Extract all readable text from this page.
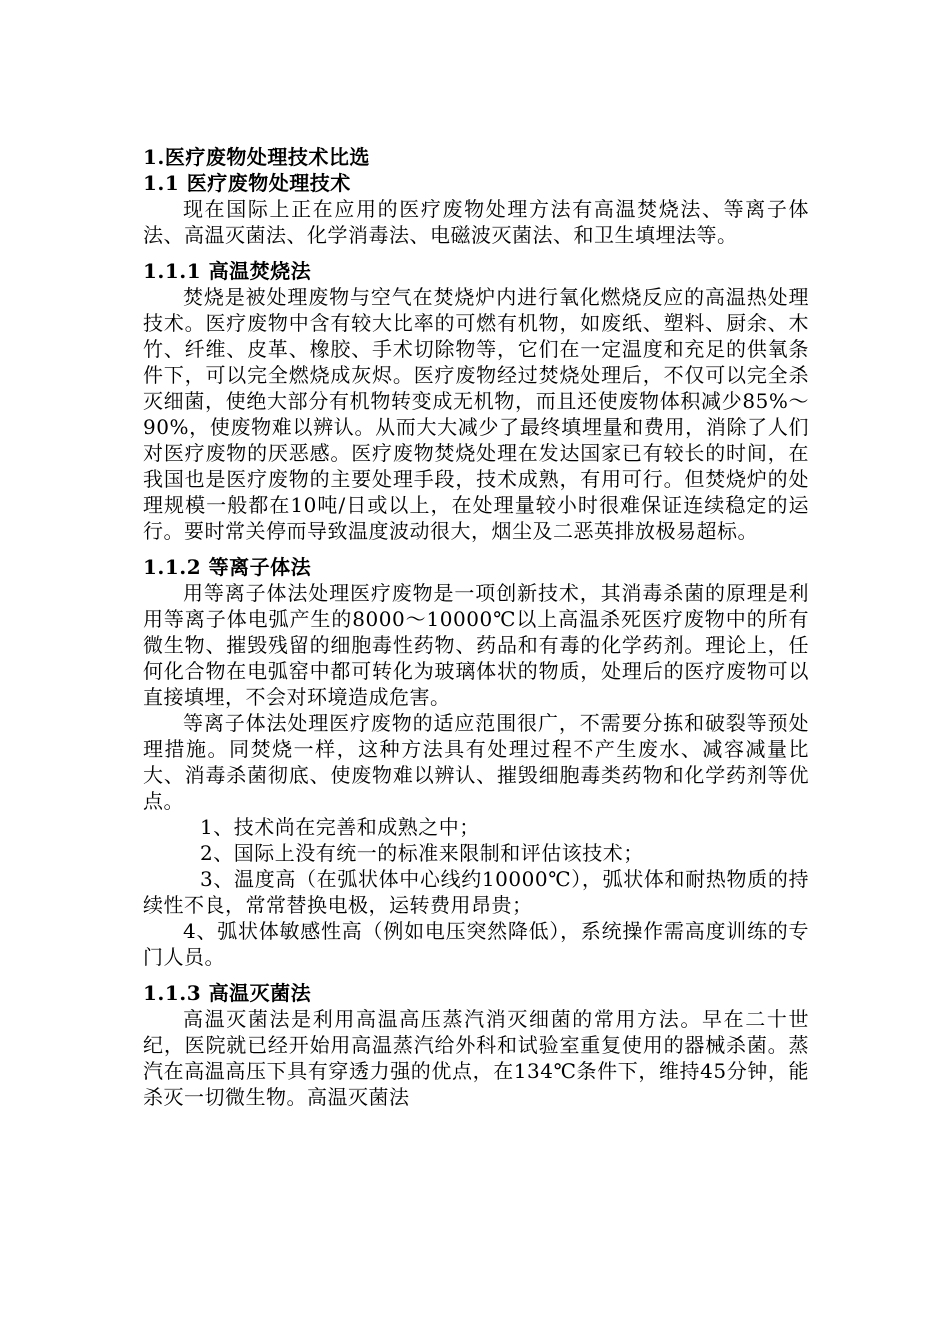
1.医疗废物处理技术比选
1.1 医疗废物处理技术

现在国际上正在应用的医疗废物处理方法有高温焚烧法、等离子体法、高温灭菌法、化学消毒法、电磁波灭菌法、和卫生填埋法等。

1.1.1 高温焚烧法

焚烧是被处理废物与空气在焚烧炉内进行氧化燃烧反应的高温热处理技术。医疗废物中含有较大比率的可燃有机物，如废纸、塑料、厨余、木竹、纤维、皮革、橡胶、手术切除物等，它们在一定温度和充足的供氧条件下，可以完全燃烧成灰烬。医疗废物经过焚烧处理后，不仅可以完全杀灭细菌，使绝大部分有机物转变成无机物，而且还使废物体积减少85%～90%，使废物难以辨认。从而大大减少了最终填埋量和费用，消除了人们对医疗废物的厌恶感。医疗废物焚烧处理在发达国家已有较长的时间，在我国也是医疗废物的主要处理手段，技术成熟，有用可行。但焚烧炉的处理规模一般都在10吨/日或以上，在处理量较小时很难保证连续稳定的运行。要时常关停而导致温度波动很大，烟尘及二恶英排放极易超标。

1.1.2 等离子体法

用等离子体法处理医疗废物是一项创新技术，其消毒杀菌的原理是利用等离子体电弧产生的8000～10000℃以上高温杀死医疗废物中的所有微生物、摧毁残留的细胞毒性药物、药品和有毒的化学药剂。理论上，任何化合物在电弧窑中都可转化为玻璃体状的物质，处理后的医疗废物可以直接填埋，不会对环境造成危害。

等离子体法处理医疗废物的适应范围很广，不需要分拣和破裂等预处理措施。同焚烧一样，这种方法具有处理过程不产生废水、减容减量比大、消毒杀菌彻底、使废物难以辨认、摧毁细胞毒类药物和化学药剂等优点。

1、技术尚在完善和成熟之中；
2、国际上没有统一的标准来限制和评估该技术；
3、温度高（在弧状体中心线约10000℃），弧状体和耐热物质的持续性不良，常常替换电极，运转费用昂贵；

4、弧状体敏感性高（例如电压突然降低），系统操作需高度训练的专门人员。

1.1.3 高温灭菌法

高温灭菌法是利用高温高压蒸汽消灭细菌的常用方法。早在二十世纪，医院就已经开始用高温蒸汽给外科和试验室重复使用的器械杀菌。蒸汽在高温高压下具有穿透力强的优点，在134℃条件下，维持45分钟，能杀灭一切微生物。高温灭菌法
